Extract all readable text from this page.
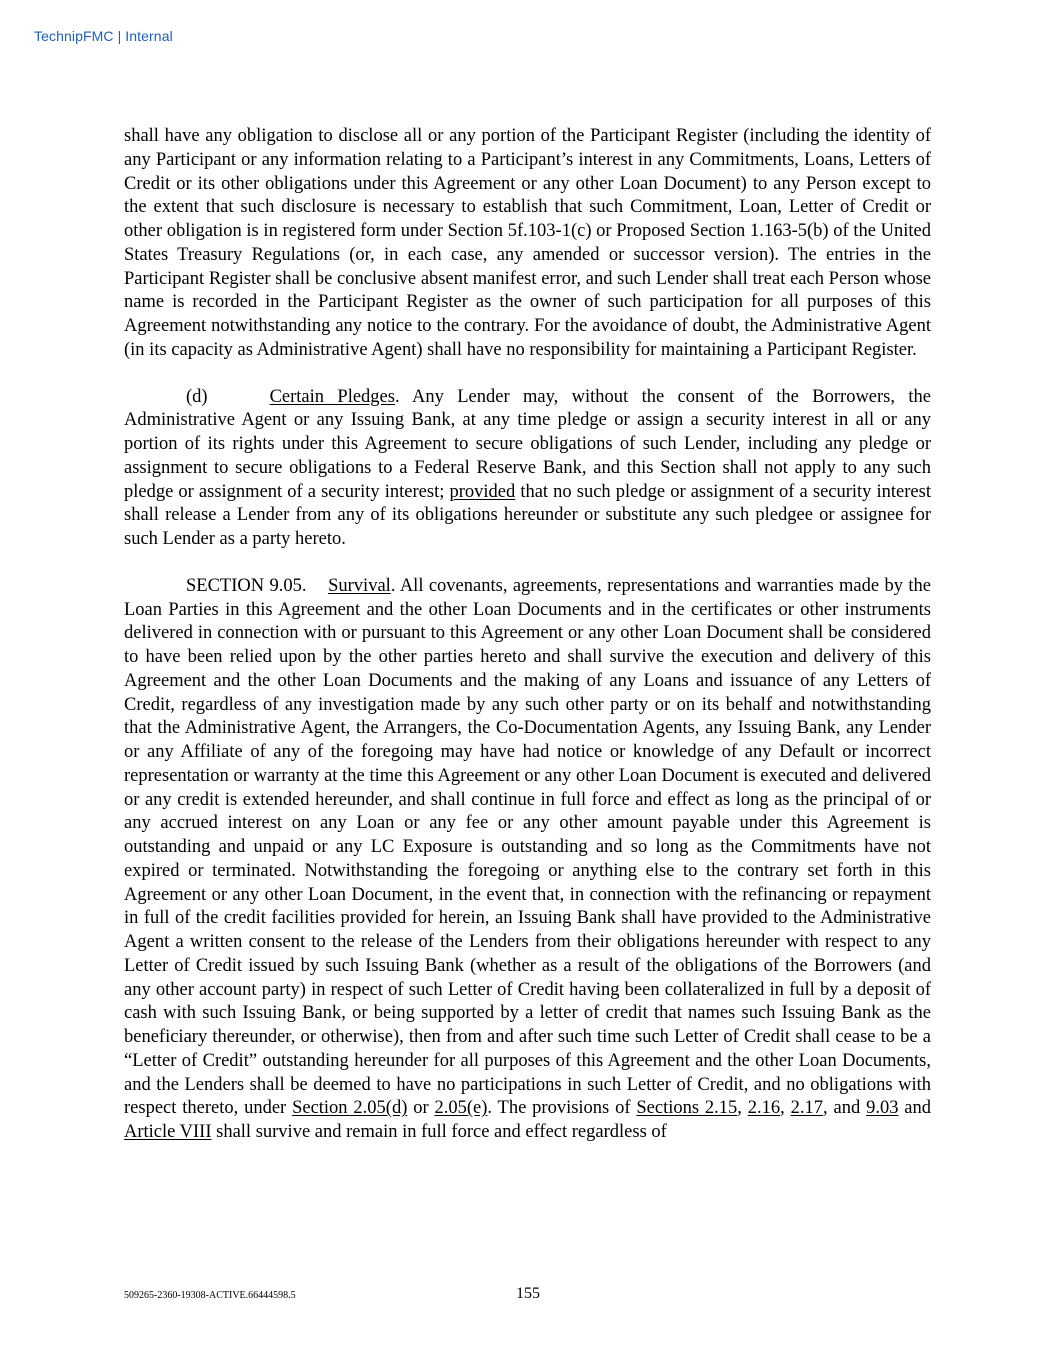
TechnipFMC | Internal

shall have any obligation to disclose all or any portion of the Participant Register (including the identity of any Participant or any information relating to a Participant’s interest in any Commitments, Loans, Letters of Credit or its other obligations under this Agreement or any other Loan Document) to any Person except to the extent that such disclosure is necessary to establish that such Commitment, Loan, Letter of Credit or other obligation is in registered form under Section 5f.103-1(c) or Proposed Section 1.163-5(b) of the United States Treasury Regulations (or, in each case, any amended or successor version). The entries in the Participant Register shall be conclusive absent manifest error, and such Lender shall treat each Person whose name is recorded in the Participant Register as the owner of such participation for all purposes of this Agreement notwithstanding any notice to the contrary. For the avoidance of doubt, the Administrative Agent (in its capacity as Administrative Agent) shall have no responsibility for maintaining a Participant Register.

(d)	Certain Pledges. Any Lender may, without the consent of the Borrowers, the Administrative Agent or any Issuing Bank, at any time pledge or assign a security interest in all or any portion of its rights under this Agreement to secure obligations of such Lender, including any pledge or assignment to secure obligations to a Federal Reserve Bank, and this Section shall not apply to any such pledge or assignment of a security interest; provided that no such pledge or assignment of a security interest shall release a Lender from any of its obligations hereunder or substitute any such pledgee or assignee for such Lender as a party hereto.

SECTION 9.05. Survival. All covenants, agreements, representations and warranties made by the Loan Parties in this Agreement and the other Loan Documents and in the certificates or other instruments delivered in connection with or pursuant to this Agreement or any other Loan Document shall be considered to have been relied upon by the other parties hereto and shall survive the execution and delivery of this Agreement and the other Loan Documents and the making of any Loans and issuance of any Letters of Credit, regardless of any investigation made by any such other party or on its behalf and notwithstanding that the Administrative Agent, the Arrangers, the Co-Documentation Agents, any Issuing Bank, any Lender or any Affiliate of any of the foregoing may have had notice or knowledge of any Default or incorrect representation or warranty at the time this Agreement or any other Loan Document is executed and delivered or any credit is extended hereunder, and shall continue in full force and effect as long as the principal of or any accrued interest on any Loan or any fee or any other amount payable under this Agreement is outstanding and unpaid or any LC Exposure is outstanding and so long as the Commitments have not expired or terminated. Notwithstanding the foregoing or anything else to the contrary set forth in this Agreement or any other Loan Document, in the event that, in connection with the refinancing or repayment in full of the credit facilities provided for herein, an Issuing Bank shall have provided to the Administrative Agent a written consent to the release of the Lenders from their obligations hereunder with respect to any Letter of Credit issued by such Issuing Bank (whether as a result of the obligations of the Borrowers (and any other account party) in respect of such Letter of Credit having been collateralized in full by a deposit of cash with such Issuing Bank, or being supported by a letter of credit that names such Issuing Bank as the beneficiary thereunder, or otherwise), then from and after such time such Letter of Credit shall cease to be a “Letter of Credit” outstanding hereunder for all purposes of this Agreement and the other Loan Documents, and the Lenders shall be deemed to have no participations in such Letter of Credit, and no obligations with respect thereto, under Section 2.05(d) or 2.05(e). The provisions of Sections 2.15, 2.16, 2.17, and 9.03 and Article VIII shall survive and remain in full force and effect regardless of

509265-2360-19308-ACTIVE.66444598.5	155
